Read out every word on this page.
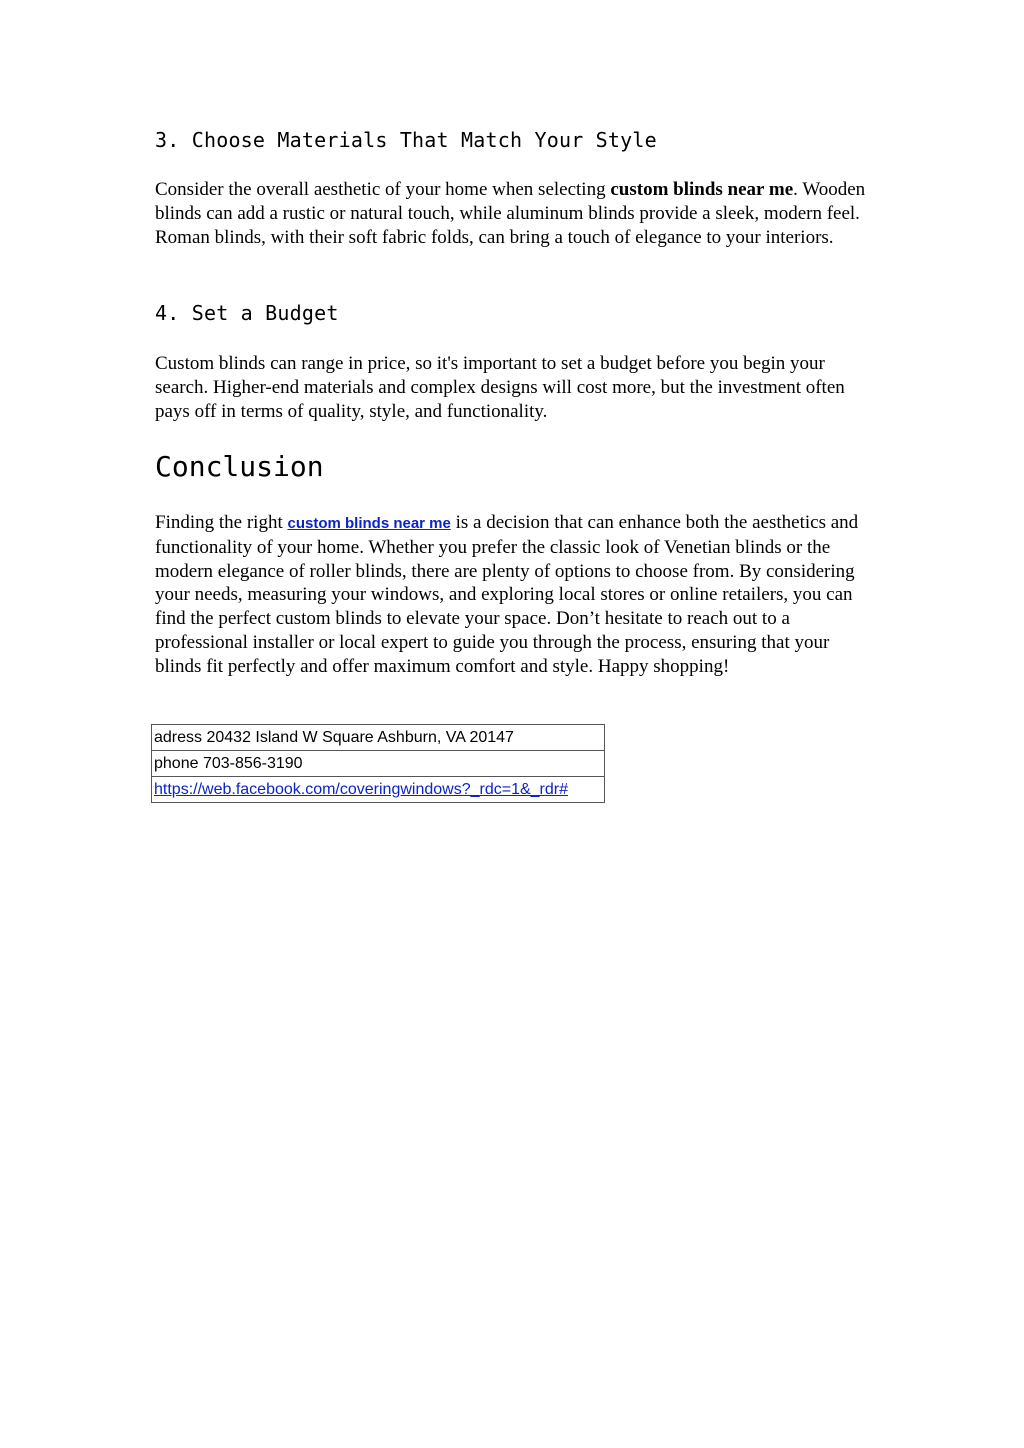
3. Choose Materials That Match Your Style
Consider the overall aesthetic of your home when selecting custom blinds near me. Wooden blinds can add a rustic or natural touch, while aluminum blinds provide a sleek, modern feel. Roman blinds, with their soft fabric folds, can bring a touch of elegance to your interiors.
4. Set a Budget
Custom blinds can range in price, so it's important to set a budget before you begin your search. Higher-end materials and complex designs will cost more, but the investment often pays off in terms of quality, style, and functionality.
Conclusion
Finding the right custom blinds near me is a decision that can enhance both the aesthetics and functionality of your home. Whether you prefer the classic look of Venetian blinds or the modern elegance of roller blinds, there are plenty of options to choose from. By considering your needs, measuring your windows, and exploring local stores or online retailers, you can find the perfect custom blinds to elevate your space. Don’t hesitate to reach out to a professional installer or local expert to guide you through the process, ensuring that your blinds fit perfectly and offer maximum comfort and style. Happy shopping!
adress 20432 Island W Square Ashburn, VA 20147
phone 703-856-3190
https://web.facebook.com/coveringwindows?_rdc=1&_rdr#
